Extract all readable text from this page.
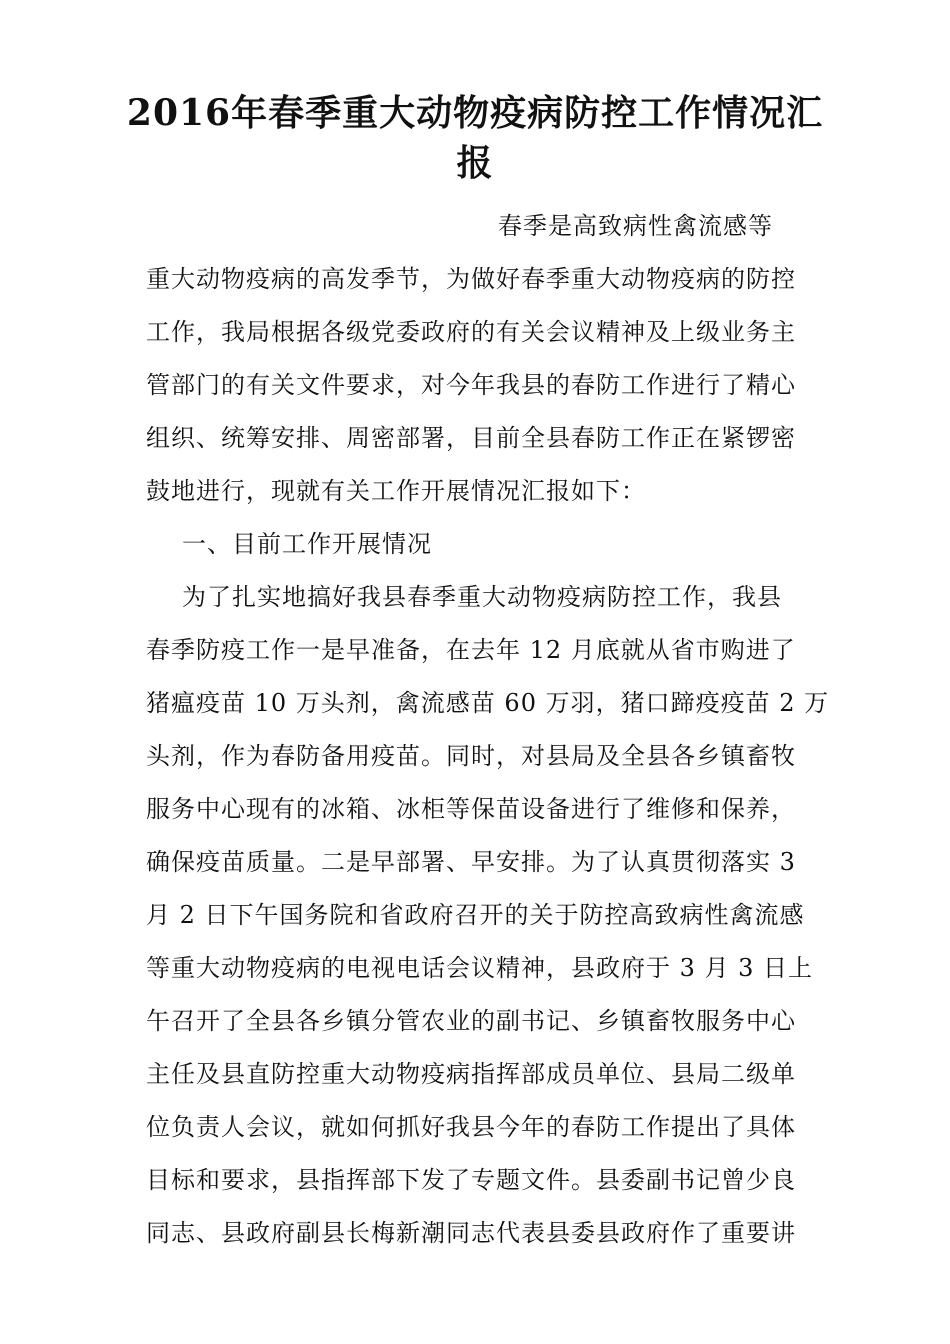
2016年春季重大动物疫病防控工作情况汇
报
春季是高致病性禽流感等
重大动物疫病的高发季节，为做好春季重大动物疫病的防控
工作，我局根据各级党委政府的有关会议精神及上级业务主
管部门的有关文件要求，对今年我县的春防工作进行了精心
组织、统筹安排、周密部署，目前全县春防工作正在紧锣密
鼓地进行，现就有关工作开展情况汇报如下：
一、目前工作开展情况
为了扎实地搞好我县春季重大动物疫病防控工作，我县
春季防疫工作一是早准备，在去年 12 月底就从省市购进了
猪瘟疫苗 10 万头剂，禽流感苗 60 万羽，猪口蹄疫疫苗 2 万
头剂，作为春防备用疫苗。同时，对县局及全县各乡镇畜牧
服务中心现有的冰箱、冰柜等保苗设备进行了维修和保养，
确保疫苗质量。二是早部署、早安排。为了认真贯彻落实 3
月 2 日下午国务院和省政府召开的关于防控高致病性禽流感
等重大动物疫病的电视电话会议精神，县政府于 3 月 3 日上
午召开了全县各乡镇分管农业的副书记、乡镇畜牧服务中心
主任及县直防控重大动物疫病指挥部成员单位、县局二级单
位负责人会议，就如何抓好我县今年的春防工作提出了具体
目标和要求，县指挥部下发了专题文件。县委副书记曾少良
同志、县政府副县长梅新潮同志代表县委县政府作了重要讲
